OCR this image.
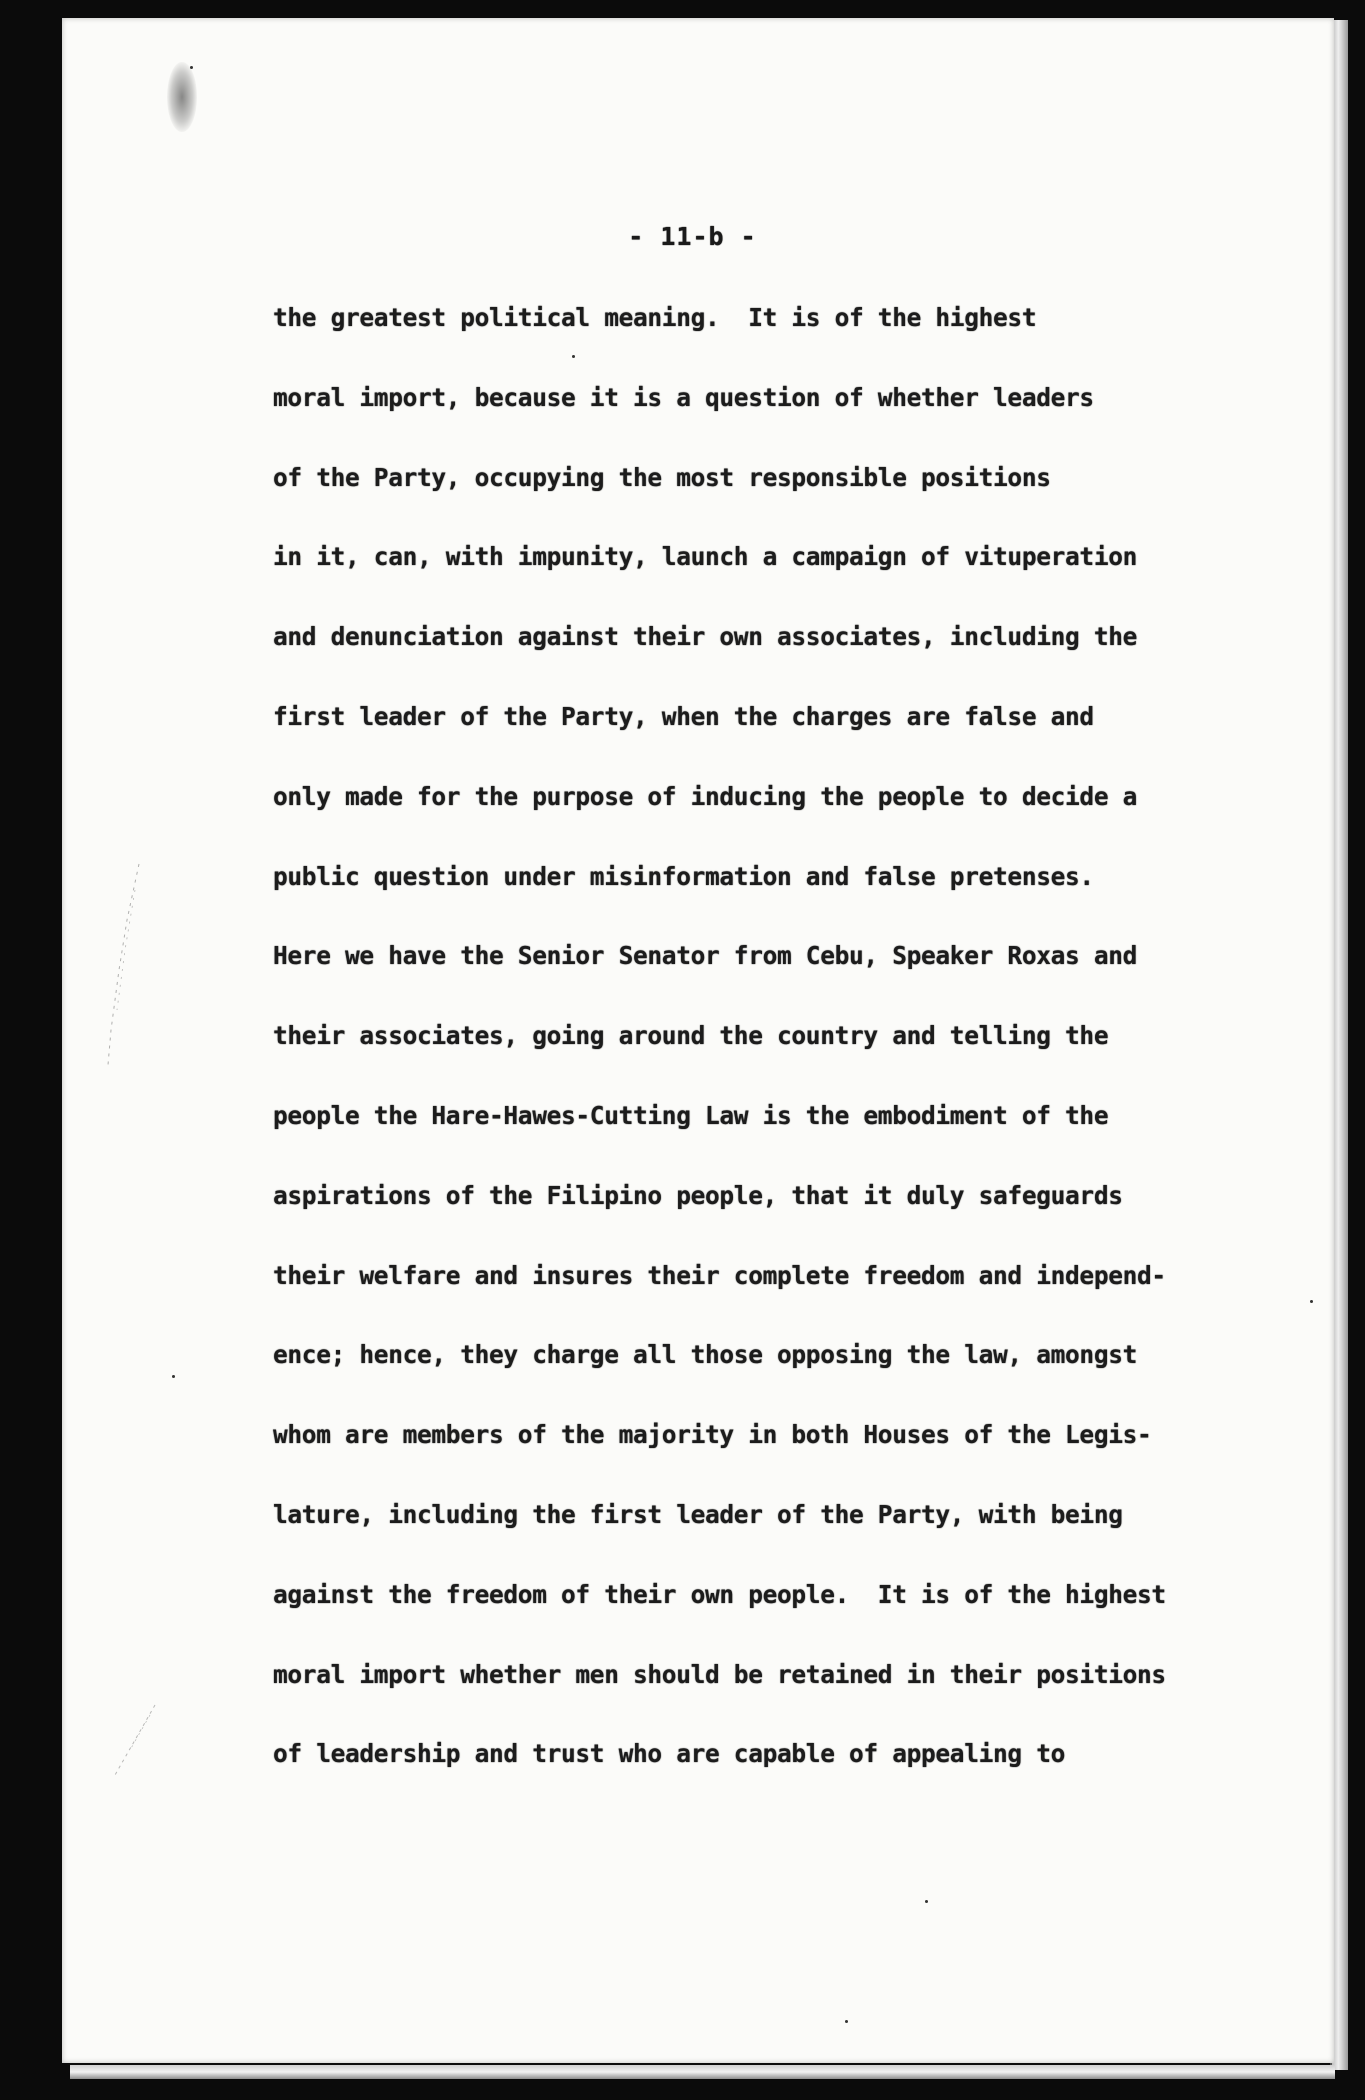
- 11-b -
the greatest political meaning.  It is of the highest
moral import, because it is a question of whether leaders
of the Party, occupying the most responsible positions
in it, can, with impunity, launch a campaign of vituperation
and denunciation against their own associates, including the
first leader of the Party, when the charges are false and
only made for the purpose of inducing the people to decide a
public question under misinformation and false pretenses.
Here we have the Senior Senator from Cebu, Speaker Roxas and
their associates, going around the country and telling the
people the Hare-Hawes-Cutting Law is the embodiment of the
aspirations of the Filipino people, that it duly safeguards
their welfare and insures their complete freedom and independ-
ence; hence, they charge all those opposing the law, amongst
whom are members of the majority in both Houses of the Legis-
lature, including the first leader of the Party, with being
against the freedom of their own people.  It is of the highest
moral import whether men should be retained in their positions
of leadership and trust who are capable of appealing to
